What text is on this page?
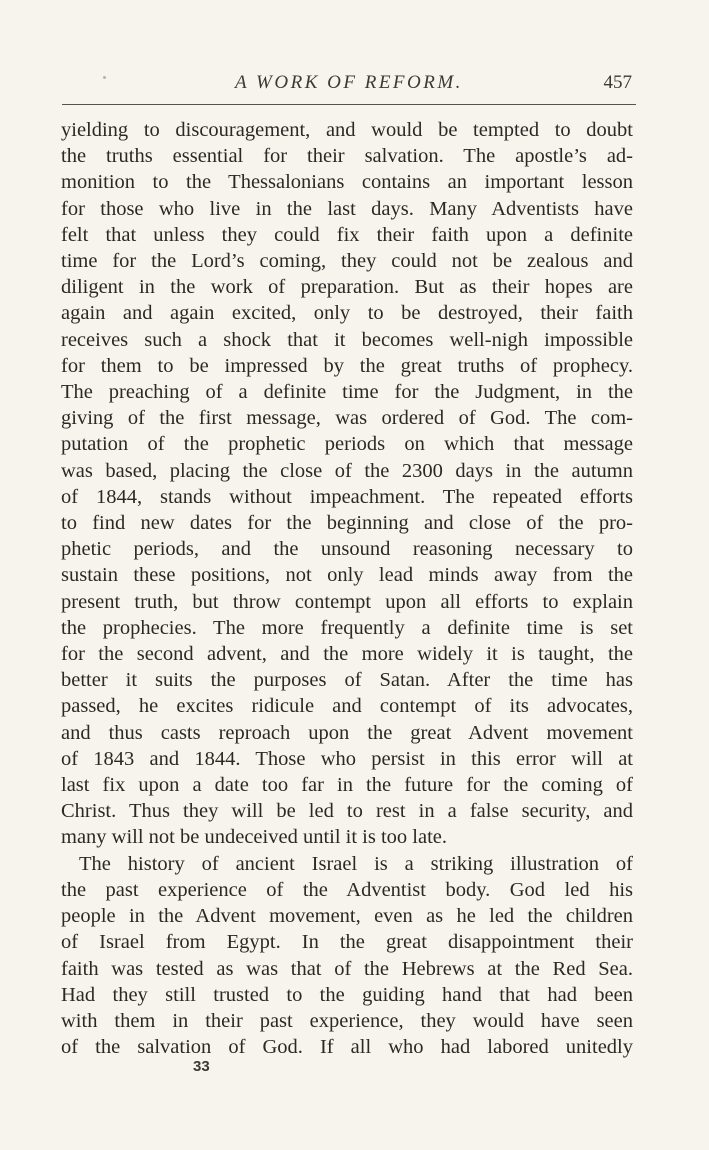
A WORK OF REFORM.	457

yielding to discouragement, and would be tempted to doubt
the truths essential for their salvation. The apostle’s ad-
monition to the Thessalonians contains an important lesson
for those who live in the last days. Many Adventists have
felt that unless they could fix their faith upon a definite
time for the Lord’s coming, they could not be zealous and
diligent in the work of preparation. But as their hopes are
again and again excited, only to be destroyed, their faith
receives such a shock that it becomes well-nigh impossible
for them to be impressed by the great truths of prophecy.
The preaching of a definite time for the Judgment, in the
giving of the first message, was ordered of God. The com-
putation of the prophetic periods on which that message
was based, placing the close of the 2300 days in the autumn
of 1844, stands without impeachment. The repeated efforts
to find new dates for the beginning and close of the pro-
phetic periods, and the unsound reasoning necessary to
sustain these positions, not only lead minds away from the
present truth, but throw contempt upon all efforts to explain
the prophecies. The more frequently a definite time is set
for the second advent, and the more widely it is taught, the
better it suits the purposes of Satan. After the time has
passed, he excites ridicule and contempt of its advocates,
and thus casts reproach upon the great Advent movement
of 1843 and 1844. Those who persist in this error will at
last fix upon a date too far in the future for the coming of
Christ. Thus they will be led to rest in a false security, and
many will not be undeceived until it is too late.

The history of ancient Israel is a striking illustration of
the past experience of the Adventist body. God led his
people in the Advent movement, even as he led the children
of Israel from Egypt. In the great disappointment their
faith was tested as was that of the Hebrews at the Red Sea.
Had they still trusted to the guiding hand that had been
with them in their past experience, they would have seen
of the salvation of God. If all who had labored unitedly

33
